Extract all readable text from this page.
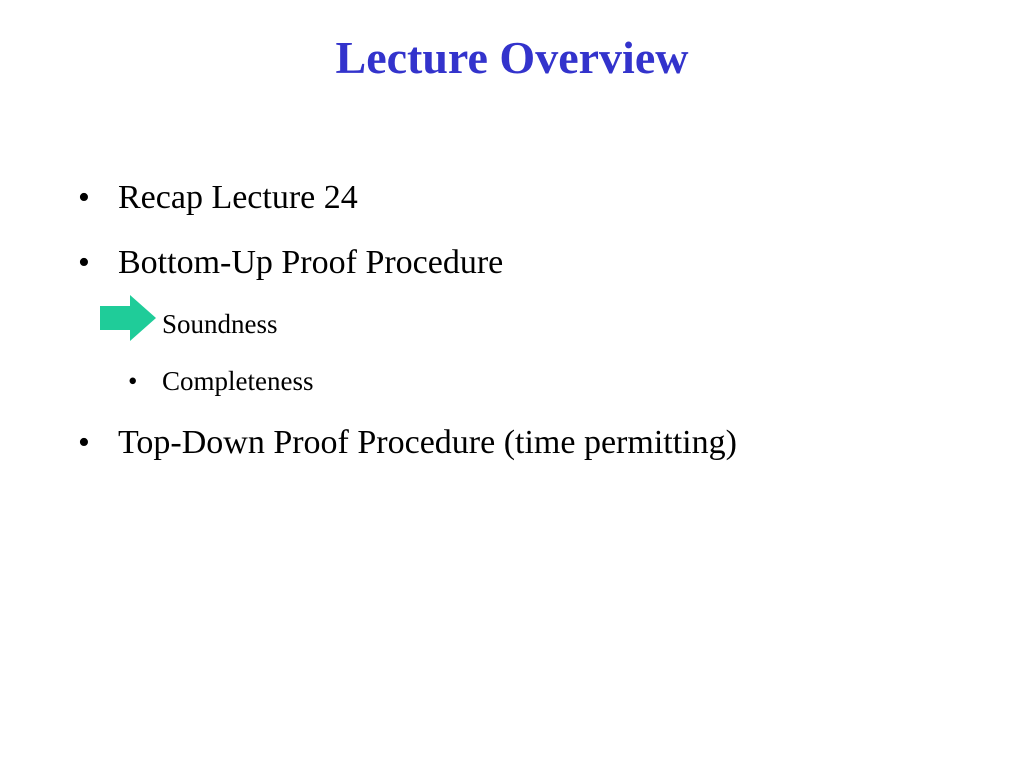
Lecture Overview
• Recap Lecture 24
• Bottom-Up Proof Procedure
Soundness
• Completeness
• Top-Down Proof Procedure (time permitting)
